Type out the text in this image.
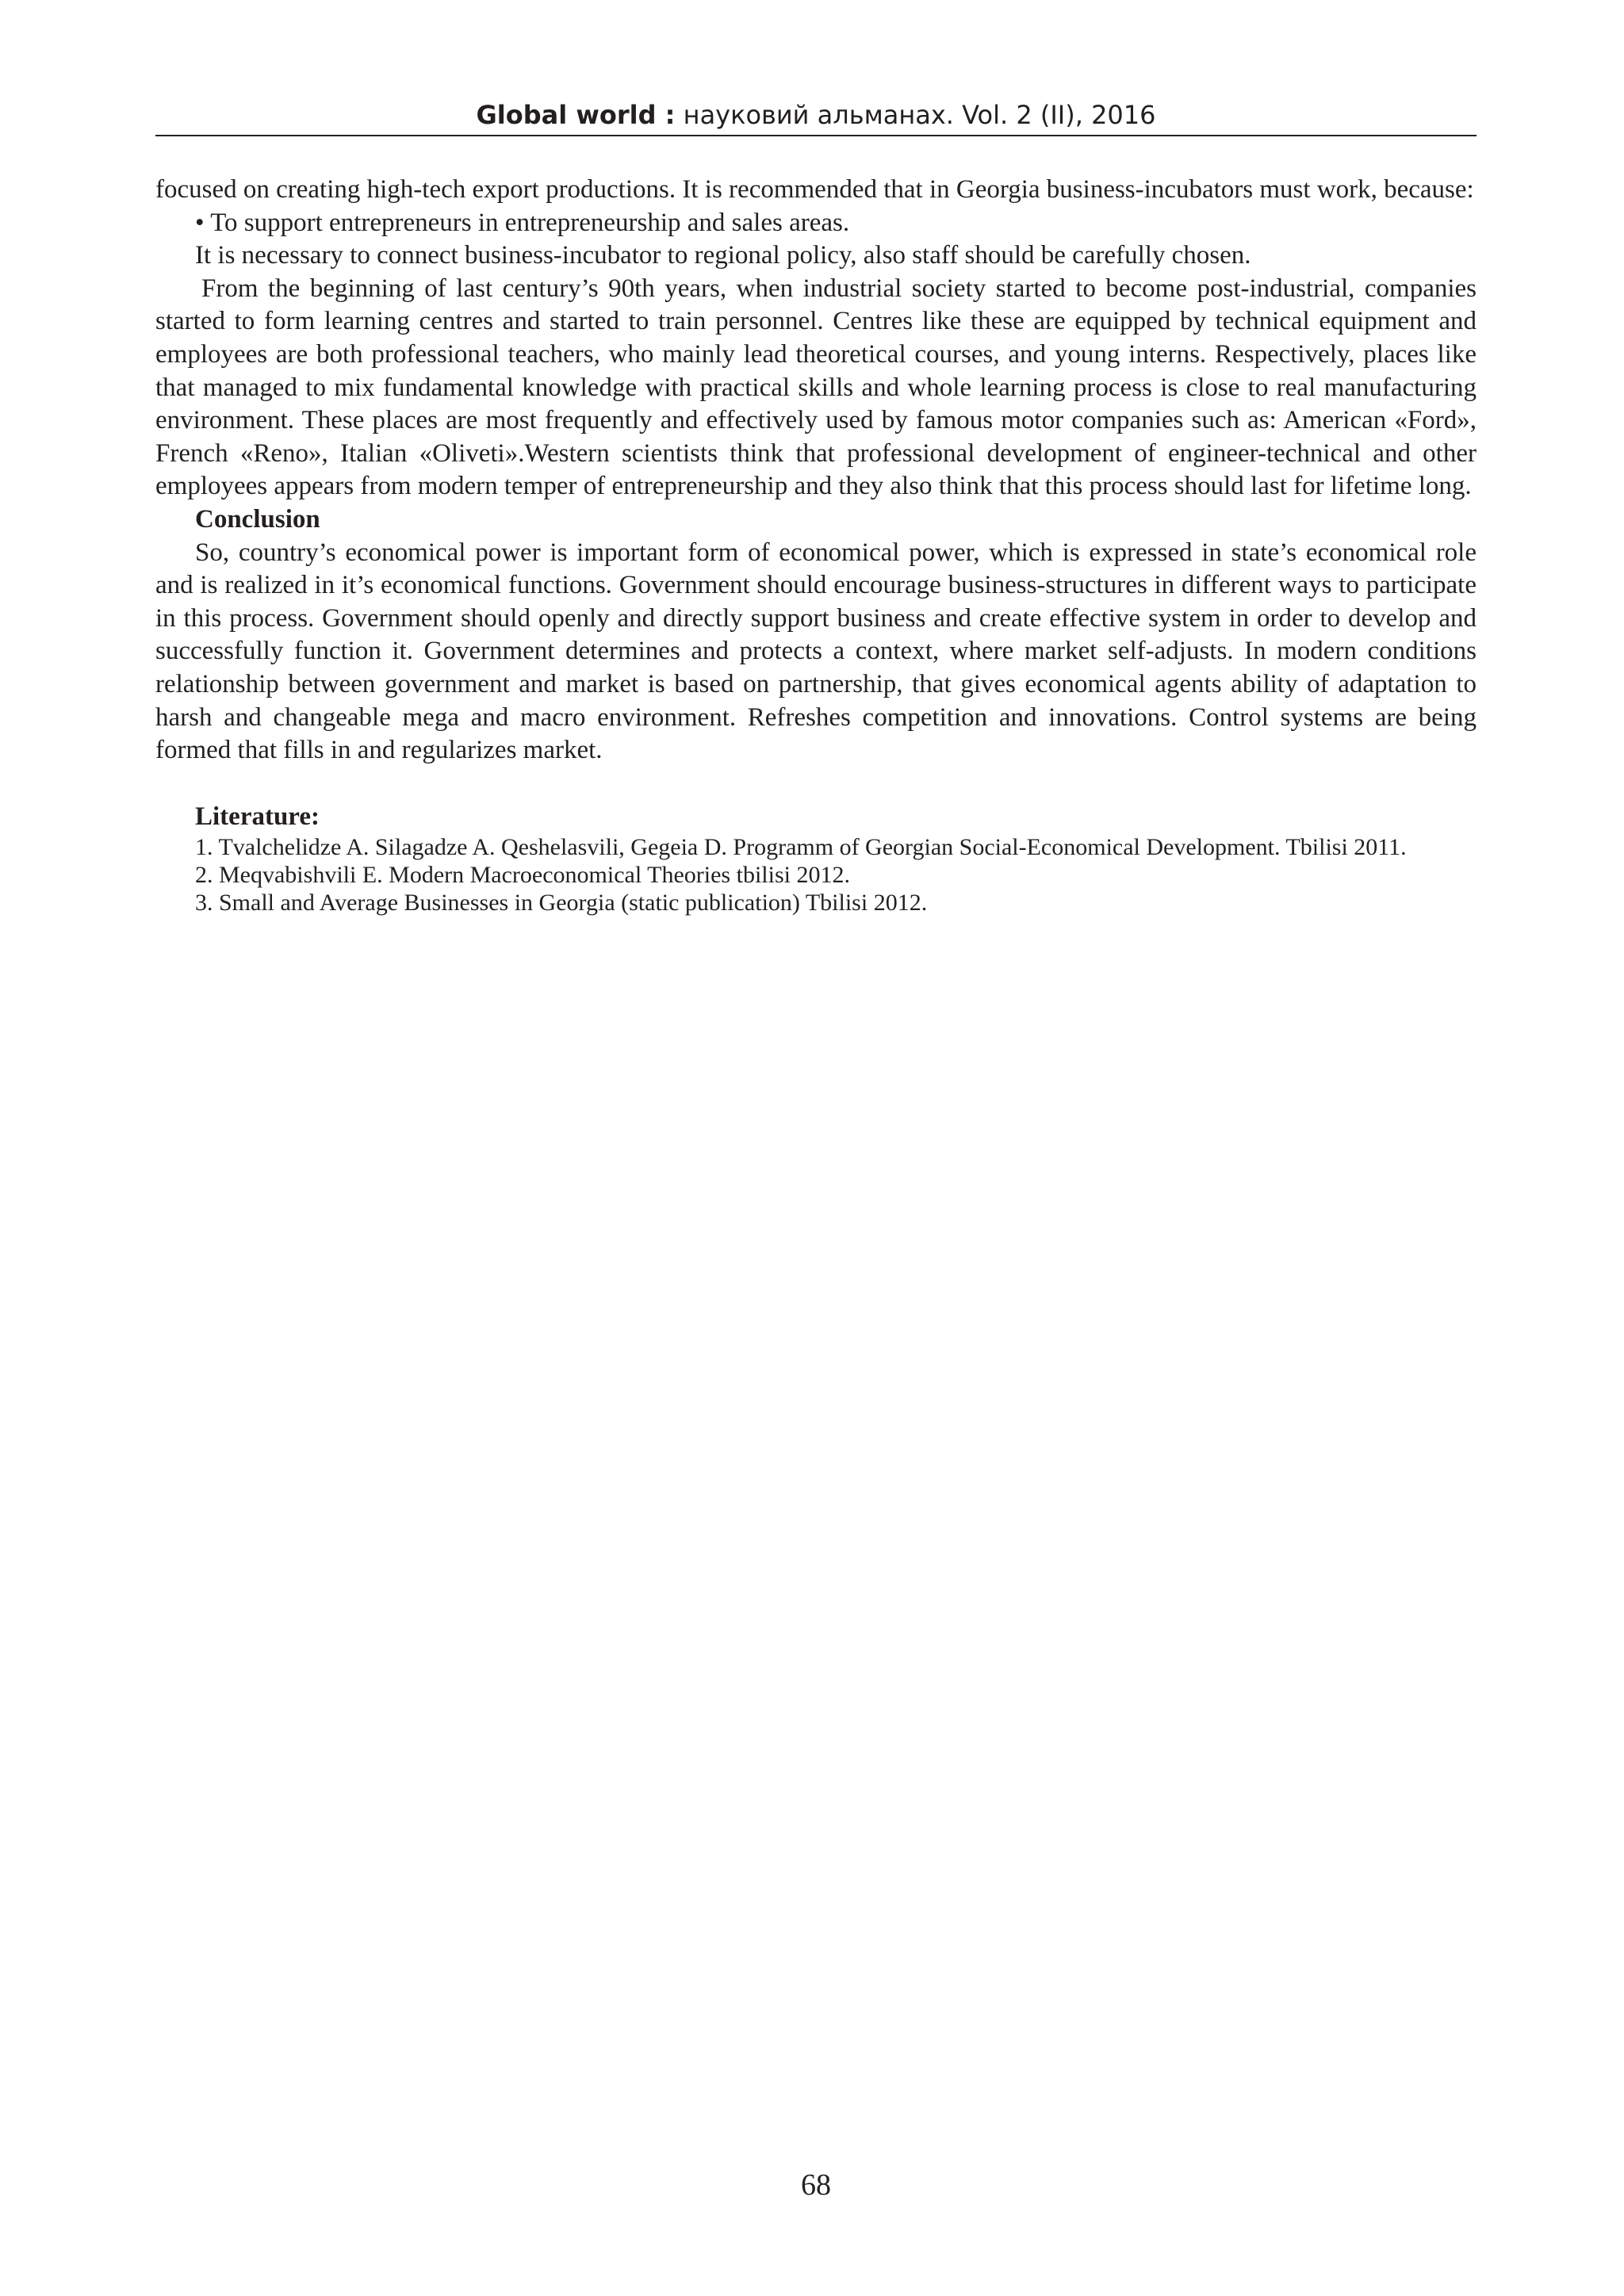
Global world : науковий альманах. Vol. 2 (II), 2016

focused on creating high-tech export productions. It is recommended that in Georgia business-incubators must work, because:

• To support entrepreneurs in entrepreneurship and sales areas.

It is necessary to connect business-incubator to regional policy, also staff should be carefully chosen.

From the beginning of last century’s 90th years, when industrial society started to become post-industrial, companies started to form learning centres and started to train personnel. Centres like these are equipped by technical equipment and employees are both professional teachers, who mainly lead theoretical courses, and young interns. Respectively, places like that managed to mix fundamental knowledge with practical skills and whole learning process is close to real manufacturing environment. These places are most frequently and effectively used by famous motor companies such as: American «Ford», French «Reno», Italian «Oliveti».Western scientists think that professional development of engineer-technical and other employees appears from modern temper of entrepreneurship and they also think that this process should last for lifetime long.

Conclusion

So, country’s economical power is important form of economical power, which is expressed in state’s economical role and is realized in it’s economical functions. Government should encourage business-structures in different ways to participate in this process. Government should openly and directly support business and create effective system in order to develop and successfully function it. Government determines and protects a context, where market self-adjusts. In modern conditions relationship between government and market is based on partnership, that gives economical agents ability of adaptation to harsh and changeable mega and macro environment. Refreshes competition and innovations. Control systems are being formed that fills in and regularizes market.

Literature:

1. Tvalchelidze A. Silagadze A. Qeshelasvili, Gegeia D. Programm of Georgian Social-Economical Development. Tbilisi 2011.

2. Meqvabishvili E. Modern Macroeconomical Theories tbilisi 2012.

3. Small and Average Businesses in Georgia (static publication) Tbilisi 2012.

68
